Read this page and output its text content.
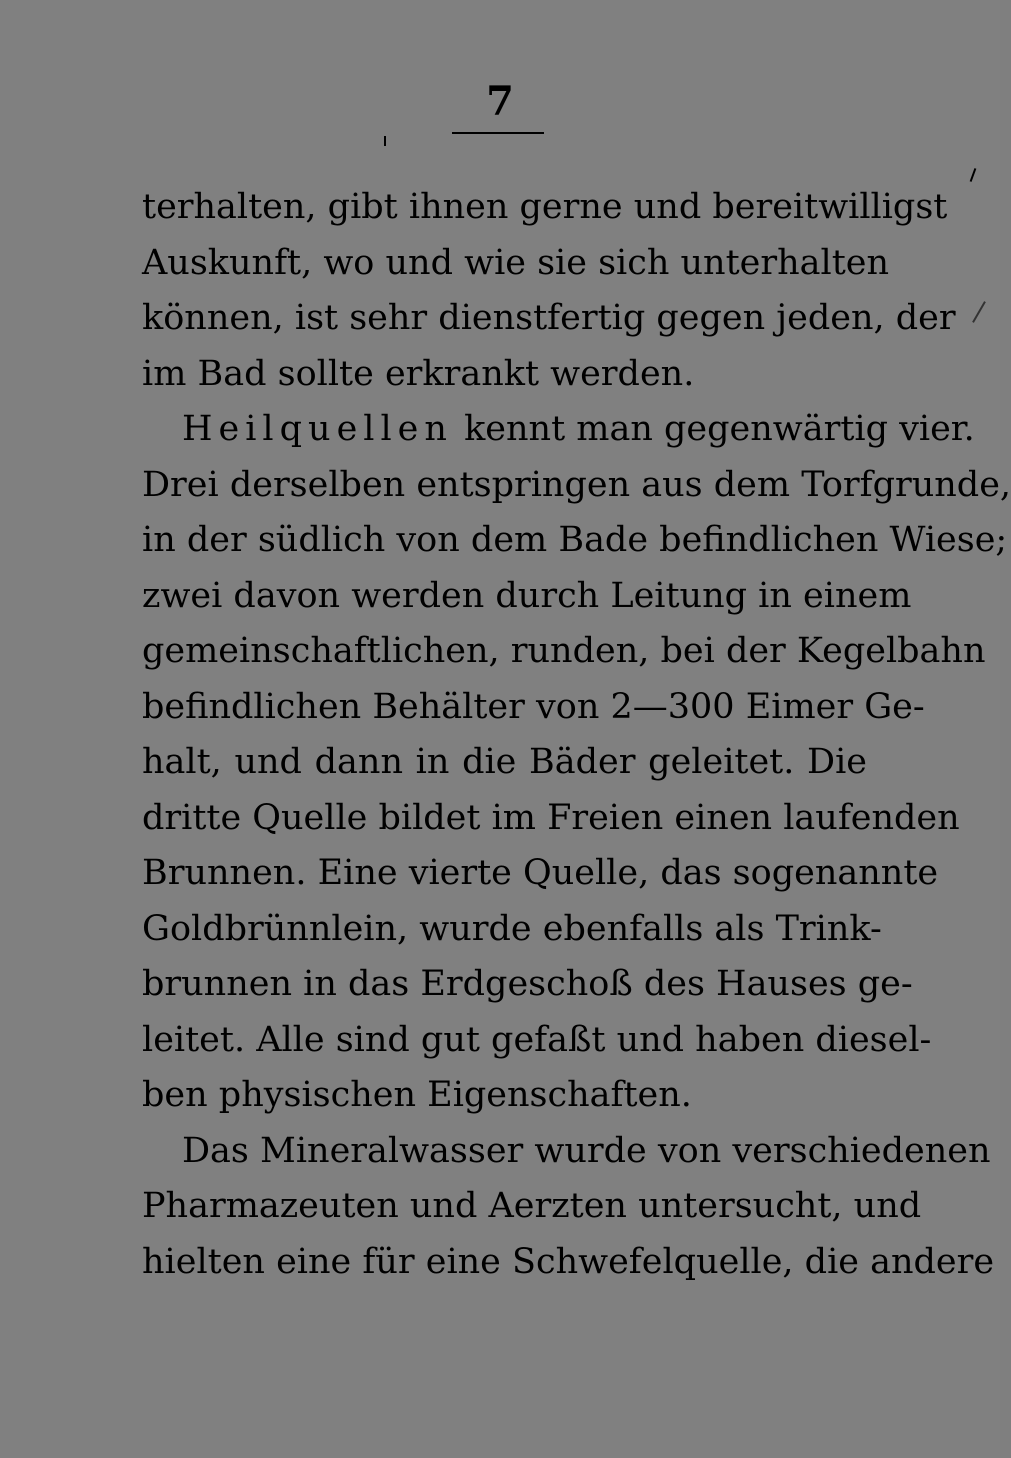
7
terhalten, gibt ihnen gerne und bereitwilligst
Auskunft, wo und wie sie sich unterhalten
können, ist sehr dienstfertig gegen jeden, der
im Bad sollte erkrankt werden.
Heilquellen kennt man gegenwärtig vier.
Drei derselben entspringen aus dem Torfgrunde,
in der südlich von dem Bade befindlichen Wiese;
zwei davon werden durch Leitung in einem
gemeinschaftlichen, runden, bei der Kegelbahn
befindlichen Behälter von 2—300 Eimer Ge-
halt, und dann in die Bäder geleitet. Die
dritte Quelle bildet im Freien einen laufenden
Brunnen. Eine vierte Quelle, das sogenannte
Goldbrünnlein, wurde ebenfalls als Trink-
brunnen in das Erdgeschoß des Hauses ge-
leitet. Alle sind gut gefaßt und haben diesel-
ben physischen Eigenschaften.
Das Mineralwasser wurde von verschiedenen
Pharmazeuten und Aerzten untersucht, und
hielten eine für eine Schwefelquelle, die andere
